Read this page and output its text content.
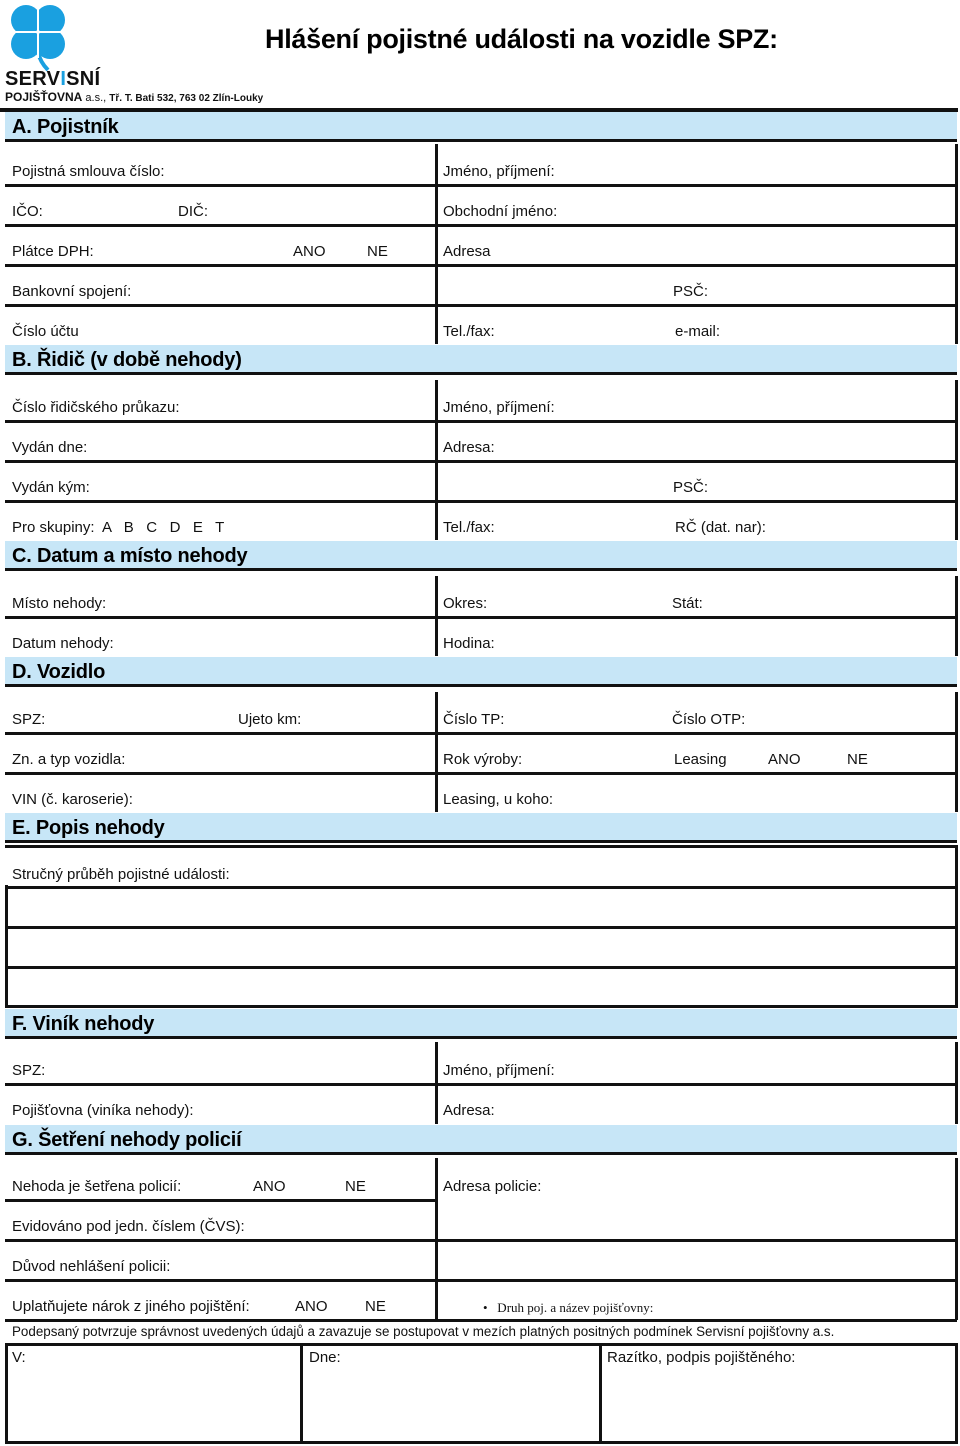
SERVISNÍ
POJIŠŤOVNA a.s., Tř. T. Bati 532, 763 02 Zlín-Louky
Hlášení pojistné události na vozidle SPZ:
A. Pojistník
Pojistná smlouva číslo:	Jméno, příjmení:
IČO:	DIČ:	Obchodní jméno:
Plátce DPH:	ANO	NE	Adresa
Bankovní spojení:	PSČ:
Číslo účtu	Tel./fax:	e-mail:
B. Řidič (v době nehody)
Číslo řidičského průkazu:	Jméno, příjmení:
Vydán dne:	Adresa:
Vydán kým:	PSČ:
Pro skupiny:  A   B   C   D   E   T	Tel./fax:	RČ (dat. nar):
C. Datum a místo nehody
Místo nehody:	Okres:	Stát:
Datum nehody:	Hodina:
D. Vozidlo
SPZ:	Ujeto km:	Číslo TP:	Číslo OTP:
Zn. a typ vozidla:	Rok výroby:	Leasing	ANO	NE
VIN (č. karoserie):	Leasing, u koho:
E. Popis nehody
Stručný průběh pojistné události:
F. Viník nehody
SPZ:	Jméno, příjmení:
Pojišťovna (viníka nehody):	Adresa:
G. Šetření nehody policií
Nehoda je šetřena policií:	ANO	NE	Adresa policie:
Evidováno pod jedn. číslem (ČVS):
Důvod nehlášení policii:
Uplatňujete nárok z jiného pojištění:	ANO NE	•   Druh poj. a název pojišťovny:
Podepsaný potvrzuje správnost uvedených údajů a zavazuje se postupovat v mezích platných positných podmínek Servisní pojišťovny a.s.
V:	Dne:	Razítko, podpis pojištěného:
